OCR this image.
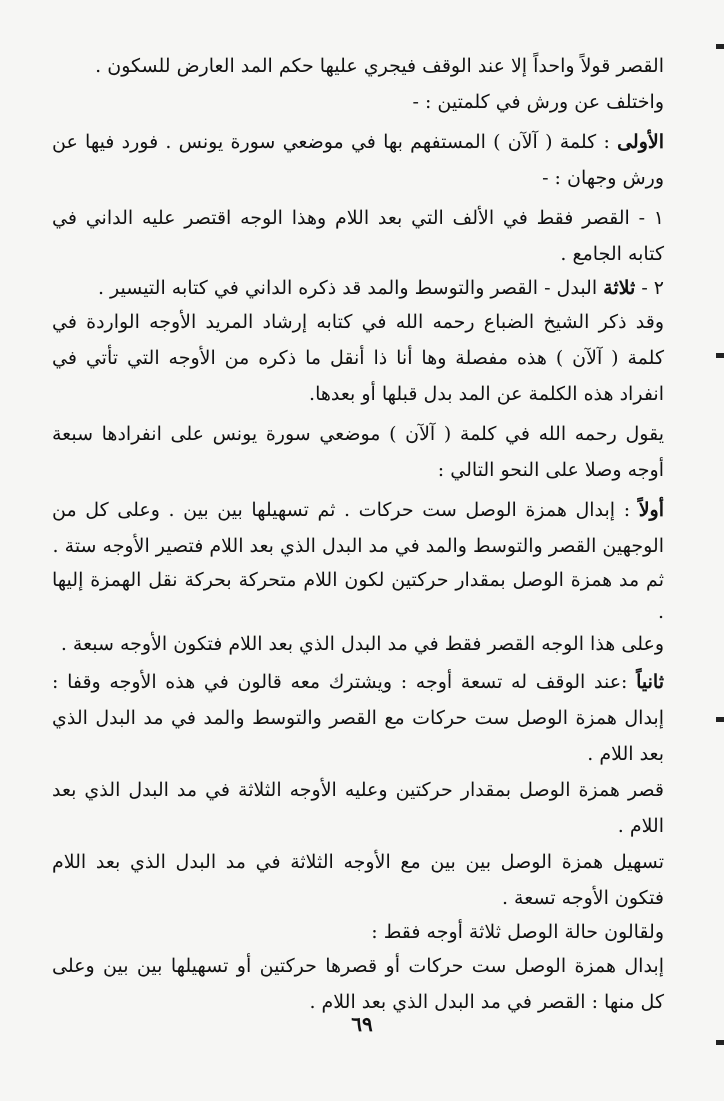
القصر قولاً واحداً إلا عند الوقف فيجري عليها حكم المد العارض للسكون .

واختلف عن ورش في كلمتين : -

الأولى : كلمة ( آلآن ) المستفهم بها في موضعي سورة يونس . فورد فيها عن ورش وجهان : -

١ - القصر فقط في الألف التي بعد اللام وهذا الوجه اقتصر عليه الداني في كتابه الجامع .

٢ - ثلاثة البدل - القصر والتوسط والمد قد ذكره الداني في كتابه التيسير .

وقد ذكر الشيخ الضباع رحمه الله في كتابه إرشاد المريد الأوجه الواردة في كلمة ( آلآن ) هذه مفصلة وها أنا ذا أنقل ما ذكره من الأوجه التي تأتي في انفراد هذه الكلمة عن المد بدل قبلها أو بعدها.

يقول رحمه الله في كلمة ( آلآن ) موضعي سورة يونس على انفرادها سبعة أوجه وصلا على النحو التالي :

أولاً : إبدال همزة الوصل ست حركات . ثم تسهيلها بين بين . وعلى كل من الوجهين القصر والتوسط والمد في مد البدل الذي بعد اللام فتصير الأوجه ستة .

ثم مد همزة الوصل بمقدار حركتين لكون اللام متحركة بحركة نقل الهمزة إليها .

وعلى هذا الوجه القصر فقط في مد البدل الذي بعد اللام فتكون الأوجه سبعة .

ثانياً :عند الوقف له تسعة أوجه : ويشترك معه قالون في هذه الأوجه وقفا : إبدال همزة الوصل ست حركات مع القصر والتوسط والمد في مد البدل الذي بعد اللام .

قصر همزة الوصل بمقدار حركتين وعليه الأوجه الثلاثة في مد البدل الذي بعد اللام .

تسهيل همزة الوصل بين بين مع الأوجه الثلاثة في مد البدل الذي بعد اللام فتكون الأوجه تسعة .

ولقالون حالة الوصل ثلاثة أوجه فقط :

إبدال همزة الوصل ست حركات أو قصرها حركتين أو تسهيلها بين بين وعلى كل منها : القصر في مد البدل الذي بعد اللام .

٦٩
